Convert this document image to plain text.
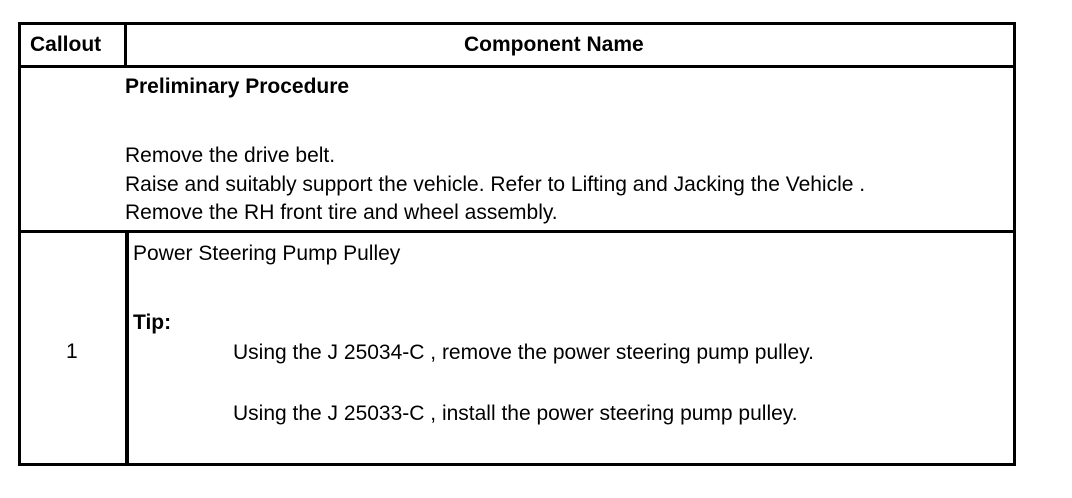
Callout	Component Name
Preliminary Procedure
Remove the drive belt.
Raise and suitably support the vehicle. Refer to Lifting and Jacking the Vehicle .
Remove the RH front tire and wheel assembly.
1
Power Steering Pump Pulley
Tip:
Using the J 25034-C , remove the power steering pump pulley.
Using the J 25033-C , install the power steering pump pulley.
